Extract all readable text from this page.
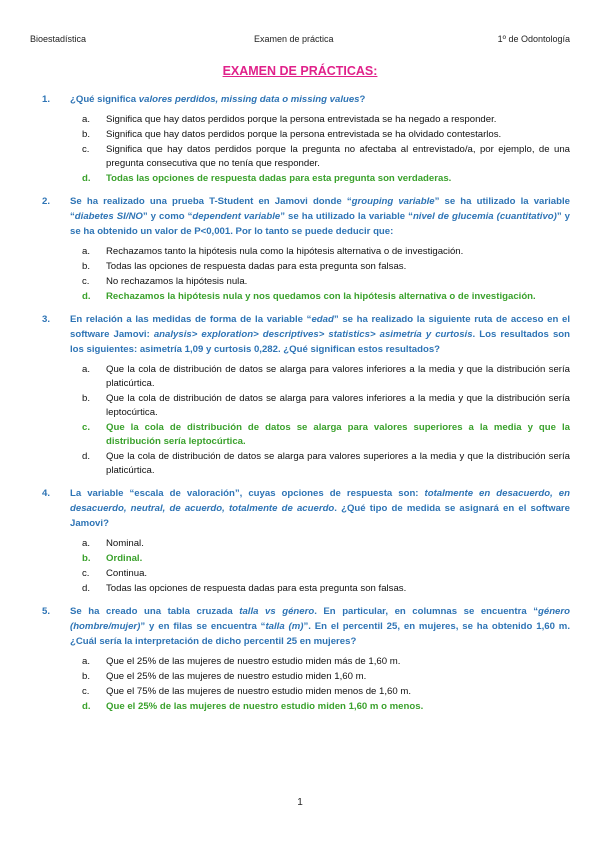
Bioestadística	Examen de práctica	1º de Odontología
EXAMEN DE PRÁCTICAS:
1.	¿Qué significa valores perdidos, missing data o missing values?
a.	Significa que hay datos perdidos porque la persona entrevistada se ha negado a responder.
b.	Significa que hay datos perdidos porque la persona entrevistada se ha olvidado contestarlos.
c.	Significa que hay datos perdidos porque la pregunta no afectaba al entrevistado/a, por ejemplo, de una pregunta consecutiva que no tenía que responder.
d.	Todas las opciones de respuesta dadas para esta pregunta son verdaderas.
2.	Se ha realizado una prueba T-Student en Jamovi donde “grouping variable” se ha utilizado la variable “diabetes SI/NO” y como “dependent variable” se ha utilizado la variable “nivel de glucemia (cuantitativo)” y se ha obtenido un valor de P<0,001. Por lo tanto se puede deducir que:
a.	Rechazamos tanto la hipótesis nula como la hipótesis alternativa o de investigación.
b.	Todas las opciones de respuesta dadas para esta pregunta son falsas.
c.	No rechazamos la hipótesis nula.
d.	Rechazamos la hipótesis nula y nos quedamos con la hipótesis alternativa o de investigación.
3.	En relación a las medidas de forma de la variable “edad” se ha realizado la siguiente ruta de acceso en el software Jamovi: analysis> exploration> descriptives> statistics> asimetría y curtosis. Los resultados son los siguientes: asimetría 1,09 y curtosis 0,282. ¿Qué significan estos resultados?
a.	Que la cola de distribución de datos se alarga para valores inferiores a la media y que la distribución sería platicúrtica.
b.	Que la cola de distribución de datos se alarga para valores inferiores a la media y que la distribución sería leptocúrtica.
c.	Que la cola de distribución de datos se alarga para valores superiores a la media y que la distribución sería leptocúrtica.
d.	Que la cola de distribución de datos se alarga para valores superiores a la media y que la distribución sería platicúrtica.
4.	La variable “escala de valoración”, cuyas opciones de respuesta son: totalmente en desacuerdo, en desacuerdo, neutral, de acuerdo, totalmente de acuerdo. ¿Qué tipo de medida se asignará en el software Jamovi?
a.	Nominal.
b.	Ordinal.
c.	Continua.
d.	Todas las opciones de respuesta dadas para esta pregunta son falsas.
5.	Se ha creado una tabla cruzada talla vs género. En particular, en columnas se encuentra “género (hombre/mujer)” y en filas se encuentra “talla (m)”. En el percentil 25, en mujeres, se ha obtenido 1,60 m. ¿Cuál sería la interpretación de dicho percentil 25 en mujeres?
a.	Que el 25% de las mujeres de nuestro estudio miden más de 1,60 m.
b.	Que el 25% de las mujeres de nuestro estudio miden 1,60 m.
c.	Que el 75% de las mujeres de nuestro estudio miden menos de 1,60 m.
d.	Que el 25% de las mujeres de nuestro estudio miden 1,60 m o menos.
1
